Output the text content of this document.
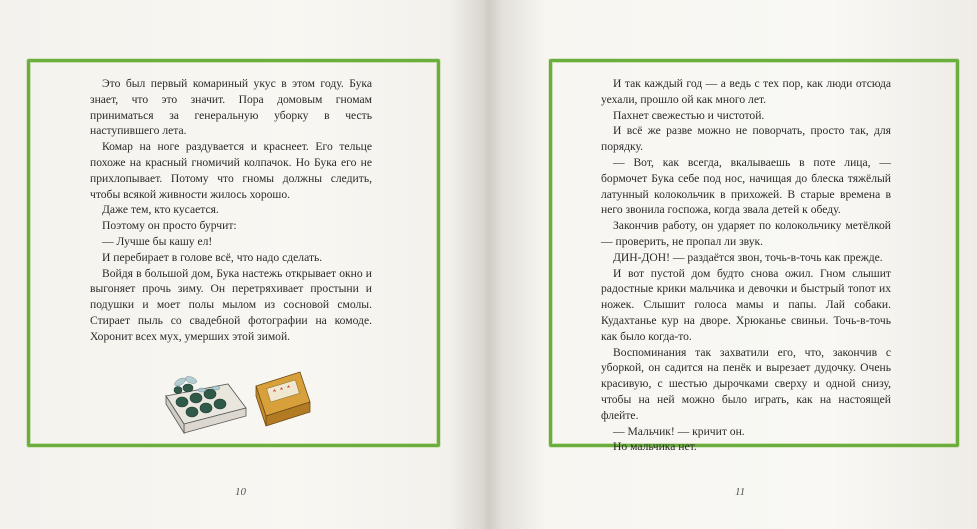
Это был первый комариный укус в этом году. Бука знает, что это значит. Пора домовым гномам приниматься за генеральную уборку в честь наступившего лета.

Комар на ноге раздувается и краснеет. Его тельце похоже на красный гномичий колпачок. Но Бука его не прихлопывает. Потому что гномы должны следить, чтобы всякой живности жилось хорошо.

Даже тем, кто кусается.

Поэтому он просто бурчит:

— Лучше бы кашу ел!

И перебирает в голове всё, что надо сделать.

Войдя в большой дом, Бука настежь открывает окно и выгоняет прочь зиму. Он перетряхивает простыни и подушки и моет полы мылом из сосновой смолы. Стирает пыль со свадебной фотографии на комоде. Хоронит всех мух, умерших этой зимой.

10

И так каждый год — а ведь с тех пор, как люди отсюда уехали, прошло ой как много лет.

Пахнет свежестью и чистотой.

И всё же разве можно не поворчать, просто так, для порядку.

— Вот, как всегда, вкалываешь в поте лица, — бормочет Бука себе под нос, начищая до блеска тяжёлый латунный колокольчик в прихожей. В старые времена в него звонила госпожа, когда звала детей к обеду.

Закончив работу, он ударяет по колокольчику метёлкой — проверить, не пропал ли звук.

ДИН-ДОН! — раздаётся звон, точь-в-точь как прежде.

И вот пустой дом будто снова ожил. Гном слышит радостные крики мальчика и девочки и быстрый топот их ножек. Слышит голоса мамы и папы. Лай собаки. Кудахтанье кур на дворе. Хрюканье свиньи. Точь-в-точь как было когда-то.

Воспоминания так захватили его, что, закончив с уборкой, он садится на пенёк и вырезает дудочку. Очень красивую, с шестью дырочками сверху и одной снизу, чтобы на ней можно было играть, как на настоящей флейте.

— Мальчик! — кричит он.

Но мальчика нет.

11
